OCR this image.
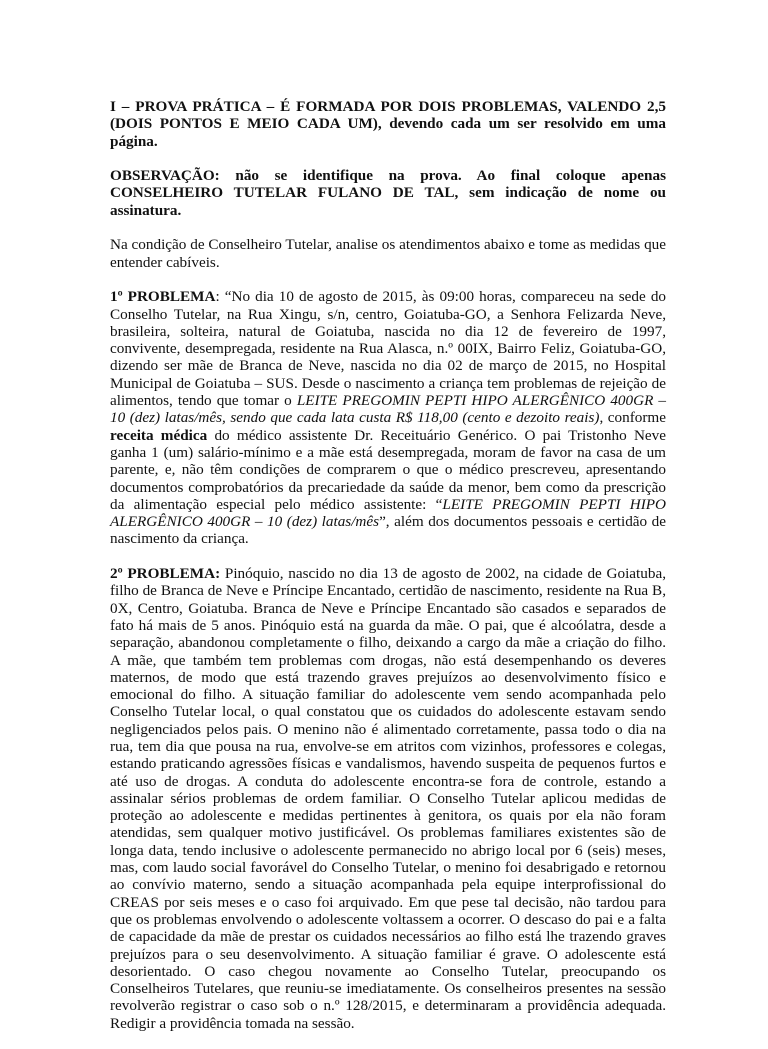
I – PROVA PRÁTICA – É FORMADA POR DOIS PROBLEMAS, VALENDO 2,5 (DOIS PONTOS E MEIO CADA UM), devendo cada um ser resolvido em uma página.

OBSERVAÇÃO: não se identifique na prova. Ao final coloque apenas CONSELHEIRO TUTELAR FULANO DE TAL, sem indicação de nome ou assinatura.

Na condição de Conselheiro Tutelar, analise os atendimentos abaixo e tome as medidas que entender cabíveis.

1º PROBLEMA: “No dia 10 de agosto de 2015, às 09:00 horas, compareceu na sede do Conselho Tutelar, na Rua Xingu, s/n, centro, Goiatuba-GO, a Senhora Felizarda Neve, brasileira, solteira, natural de Goiatuba, nascida no dia 12 de fevereiro de 1997, convivente, desempregada, residente na Rua Alasca, n.º 00IX, Bairro Feliz, Goiatuba-GO, dizendo ser mãe de Branca de Neve, nascida no dia 02 de março de 2015, no Hospital Municipal de Goiatuba – SUS. Desde o nascimento a criança tem problemas de rejeição de alimentos, tendo que tomar o LEITE PREGOMIN PEPTI HIPO ALERGÊNICO 400GR – 10 (dez) latas/mês, sendo que cada lata custa R$ 118,00 (cento e dezoito reais), conforme receita médica do médico assistente Dr. Receituário Genérico. O pai Tristonho Neve ganha 1 (um) salário-mínimo e a mãe está desempregada, moram de favor na casa de um parente, e, não têm condições de comprarem o que o médico prescreveu, apresentando documentos comprobatórios da precariedade da saúde da menor, bem como da prescrição da alimentação especial pelo médico assistente: “LEITE PREGOMIN PEPTI HIPO ALERGÊNICO 400GR – 10 (dez) latas/mês”, além dos documentos pessoais e certidão de nascimento da criança.

2º PROBLEMA: Pinóquio, nascido no dia 13 de agosto de 2002, na cidade de Goiatuba, filho de Branca de Neve e Príncipe Encantado, certidão de nascimento, residente na Rua B, 0X, Centro, Goiatuba. Branca de Neve e Príncipe Encantado são casados e separados de fato há mais de 5 anos. Pinóquio está na guarda da mãe. O pai, que é alcoólatra, desde a separação, abandonou completamente o filho, deixando a cargo da mãe a criação do filho. A mãe, que também tem problemas com drogas, não está desempenhando os deveres maternos, de modo que está trazendo graves prejuízos ao desenvolvimento físico e emocional do filho. A situação familiar do adolescente vem sendo acompanhada pelo Conselho Tutelar local, o qual constatou que os cuidados do adolescente estavam sendo negligenciados pelos pais. O menino não é alimentado corretamente, passa todo o dia na rua, tem dia que pousa na rua, envolve-se em atritos com vizinhos, professores e colegas, estando praticando agressões físicas e vandalismos, havendo suspeita de pequenos furtos e até uso de drogas. A conduta do adolescente encontra-se fora de controle, estando a assinalar sérios problemas de ordem familiar. O Conselho Tutelar aplicou medidas de proteção ao adolescente e medidas pertinentes à genitora, os quais por ela não foram atendidas, sem qualquer motivo justificável. Os problemas familiares existentes são de longa data, tendo inclusive o adolescente permanecido no abrigo local por 6 (seis) meses, mas, com laudo social favorável do Conselho Tutelar, o menino foi desabrigado e retornou ao convívio materno, sendo a situação acompanhada pela equipe interprofissional do CREAS por seis meses e o caso foi arquivado. Em que pese tal decisão, não tardou para que os problemas envolvendo o adolescente voltassem a ocorrer. O descaso do pai e a falta de capacidade da mãe de prestar os cuidados necessários ao filho está lhe trazendo graves prejuízos para o seu desenvolvimento. A situação familiar é grave. O adolescente está desorientado. O caso chegou novamente ao Conselho Tutelar, preocupando os Conselheiros Tutelares, que reuniu-se imediatamente. Os conselheiros presentes na sessão revolverão registrar o caso sob o n.º 128/2015, e determinaram a providência adequada. Redigir a providência tomada na sessão.
